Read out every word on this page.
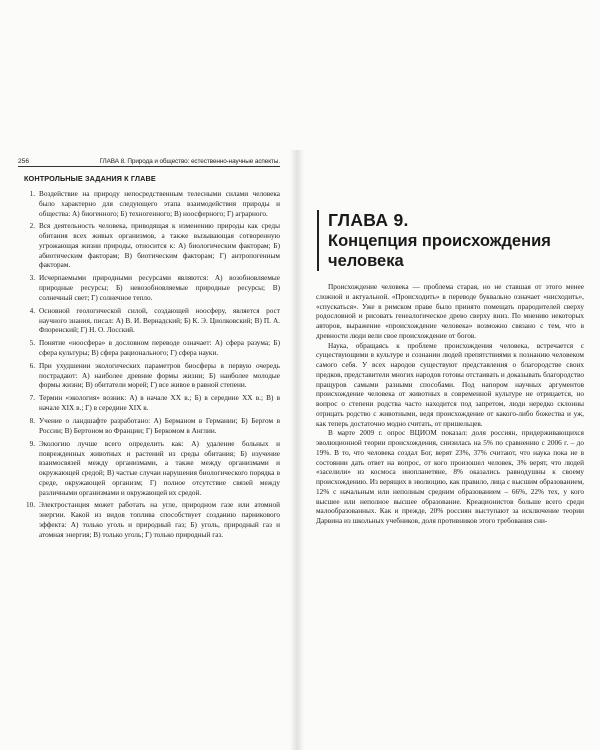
256	ГЛАВА 8. Природа и общество: естественно-научные аспекты.
КОНТРОЛЬНЫЕ ЗАДАНИЯ К ГЛАВЕ
1. Воздействие на природу непосредственным телесными силами человека было характерно для следующего этапа взаимодействия природы и общества: А) биогенного; Б) техногенного; В) ноосферного; Г) аграрного.
2. Вся деятельность человека, приводящая к изменению природы как среды обитания всех живых организмов, а также вызывающая сотворенную угрожающая жизни природы, относится к: А) биологическим факторам; Б) абиотическим факторам; В) биотическим факторам; Г) антропогенным факторам.
3. Исчерпаемыми природными ресурсами являются: А) возобновляемые природные ресурсы; Б) невозобновляемые природные ресурсы; В) солнечный свет; Г) солнечное тепло.
4. Основной геологической силой, создающей ноосферу, является рост научного знания, писал: А) В. И. Вернадский; Б) К. Э. Циолковский; В) П. А. Флоренский; Г) Н. О. Лосский.
5. Понятие «ноосфера» в дословном переводе означает: А) сфера разума; Б) сфера культуры; В) сфера рационального; Г) сфера науки.
6. При ухудшении экологических параметров биосферы в первую очередь пострадают: А) наиболее древние формы жизни; Б) наиболее молодые формы жизни; В) обитатели морей; Г) все живое в равной степени.
7. Термин «экология» возник: А) в начале XX в.; Б) в середине XX в.; В) в начале XIX в.; Г) в середине XIX в.
8. Учение о ландшафте разработано: А) Берманом в Германии; Б) Бергом в России; В) Бертоном во Франции; Г) Беркомом в Англии.
9. Экологию лучше всего определить как: А) удаление больных и поврежденных животных и растений из среды обитания; Б) изучение взаимосвязей между организмами, а также между организмами и окружающей средой; В) частые случаи нарушения биологического порядка в среде, окружающей организм; Г) полное отсутствие связей между различными организмами и окружающей их средой.
10. Электростанция может работать на угле, природном газе или атомной энергии. Какой из видов топлива способствует созданию парникового эффекта: А) только уголь и природный газ; Б) уголь, природный газ и атомная энергия; В) только уголь; Г) только природный газ.
ГЛАВА 9.
Концепция происхождения человека

Происхождение человека — проблема старая, но не ставшая от этого менее сложной и актуальной. «Происходить» в переводе буквально означает «нисходить», «спускаться». Уже в римском праве было принято помещать прародителей сверху родословной и рисовать генеалогическое древо сверху вниз. По мнению некоторых авторов, выражение «происхождение человека» возможно связано с тем, что в древности люди вели свое происхождение от богов.

Наука, обращаясь к проблеме происхождения человека, встречается с существующими в культуре и сознании людей препятствиями к познанию человеком самого себя. У всех народов существуют представления о благородстве своих предков, представители многих народов готовы отстаивать и доказывать благородство пращуров самыми разными способами. Под напором научных аргументов происхождение человека от животных в современной культуре не отрицается, но вопрос о степени родства часто находится под запретом, люди нередко склонны отрицать родство с животными, ведя происхождение от какого-либо божества и уж, как теперь достаточно модно считать, от пришельцев.

В марте 2009 г. опрос ВЦИОМ показал: доля россиян, придерживающихся эволюционной теории происхождения, снизилась на 5% по сравнению с 2006 г. – до 19%. В то, что человека создал Бог, верят 23%, 37% считают, что наука пока не в состоянии дать ответ на вопрос, от кого произошел человек, 3% верят, что людей «заселили» из космоса инопланетяне, 8% оказались равнодушны к своему происхождению. Из верящих в эволюцию, как правило, лица с высшим образованием, 12% с начальным или неполным средним образованием – 66%, 22% тех, у кого высшее или неполное высшее образование. Креационистов больше всего среди малообразованных. Как и прежде, 20% россиян выступают за исключение теории Дарвина из школьных учебников, доля противников этого требования сни-
